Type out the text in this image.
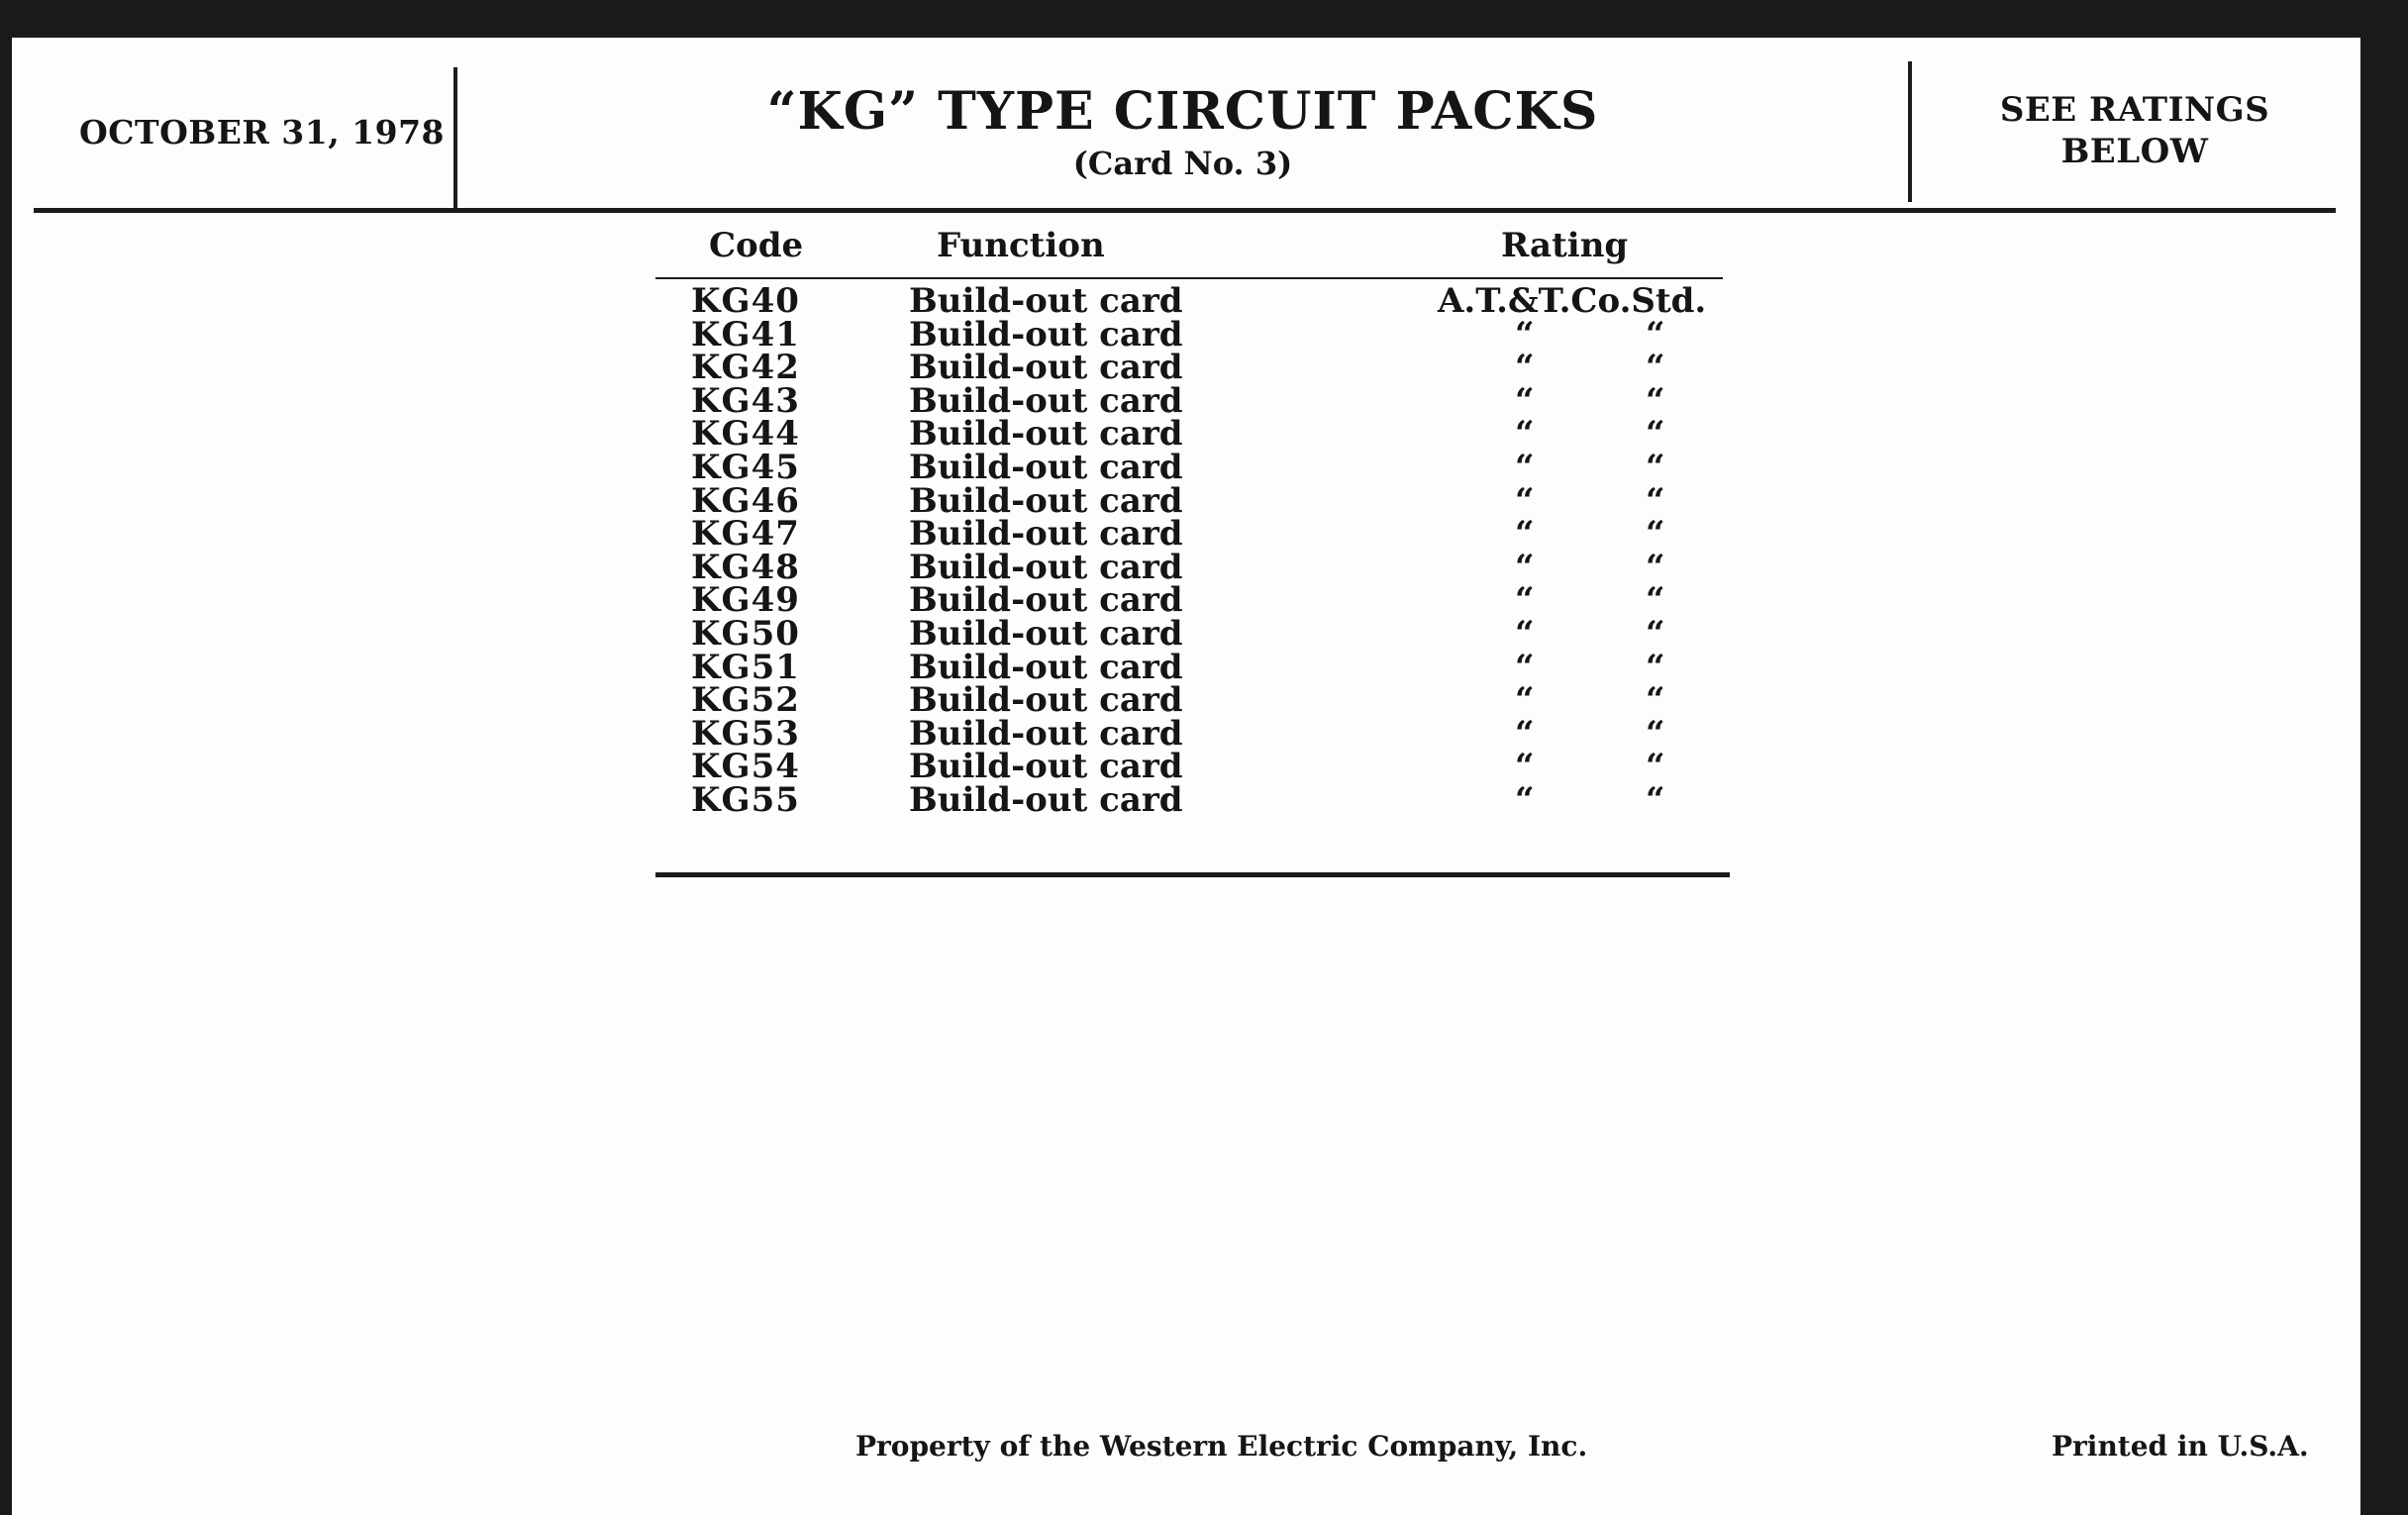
OCTOBER 31, 1978	“KG” TYPE CIRCUIT PACKS
(Card No. 3)
SEE RATINGS
BELOW
Code	Function	Rating
KG40	Build-out card	A.T.&T.Co.Std.
KG41	Build-out card	“	“
KG42	Build-out card	“	“
KG43	Build-out card	“	“
KG44	Build-out card	“	“
KG45	Build-out card	“	“
KG46	Build-out card	“	“
KG47	Build-out card	“	“
KG48	Build-out card	“	“
KG49	Build-out card	“	“
KG50	Build-out card	“	“
KG51	Build-out card	“	“
KG52	Build-out card	“	“
KG53	Build-out card	“	“
KG54	Build-out card	“	“
KG55	Build-out card	“	“
Property of the Western Electric Company, Inc.	Printed in U.S.A.
